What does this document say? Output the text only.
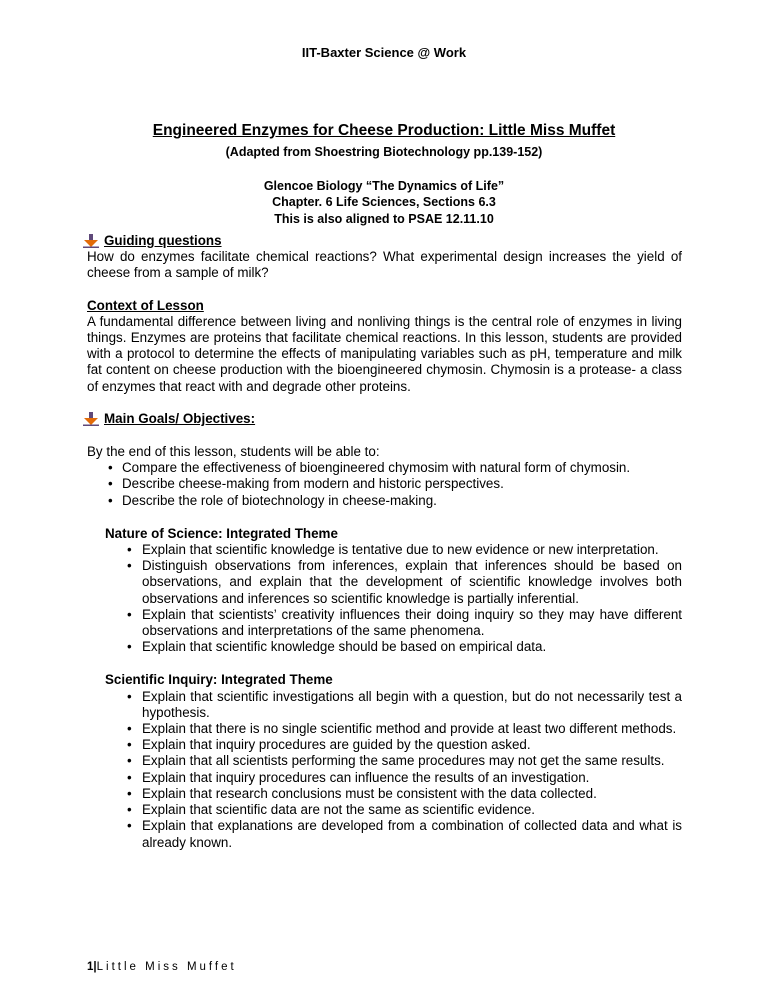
IIT-Baxter Science @ Work
Engineered Enzymes for Cheese Production: Little Miss Muffet
(Adapted from Shoestring Biotechnology pp.139-152)
Glencoe Biology “The Dynamics of Life”
Chapter. 6 Life Sciences, Sections 6.3
This is also aligned to PSAE 12.11.10
Guiding questions

How do enzymes facilitate chemical reactions? What experimental design increases the yield of cheese from a sample of milk?

Context of Lesson

A fundamental difference between living and nonliving things is the central role of enzymes in living things. Enzymes are proteins that facilitate chemical reactions. In this lesson, students are provided with a protocol to determine the effects of manipulating variables such as pH, temperature and milk fat content on cheese production with the bioengineered chymosin. Chymosin is a protease- a class of enzymes that react with and degrade other proteins.

Main Goals/ Objectives:

By the end of this lesson, students will be able to:

• Compare the effectiveness of bioengineered chymosim with natural form of chymosin.
• Describe cheese-making from modern and historic perspectives.
• Describe the role of biotechnology in cheese-making.
Nature of Science: Integrated Theme
• Explain that scientific knowledge is tentative due to new evidence or new interpretation.
• Distinguish observations from inferences, explain that inferences should be based on observations, and explain that the development of scientific knowledge involves both observations and inferences so scientific knowledge is partially inferential.
• Explain that scientists’ creativity influences their doing inquiry so they may have different observations and interpretations of the same phenomena.
• Explain that scientific knowledge should be based on empirical data.
Scientific Inquiry: Integrated Theme
• Explain that scientific investigations all begin with a question, but do not necessarily test a hypothesis.
• Explain that there is no single scientific method and provide at least two different methods.
• Explain that inquiry procedures are guided by the question asked.
• Explain that all scientists performing the same procedures may not get the same results.
• Explain that inquiry procedures can influence the results of an investigation.
• Explain that research conclusions must be consistent with the data collected.
• Explain that scientific data are not the same as scientific evidence.
• Explain that explanations are developed from a combination of collected data and what is already known.
1|Little Miss Muffet
